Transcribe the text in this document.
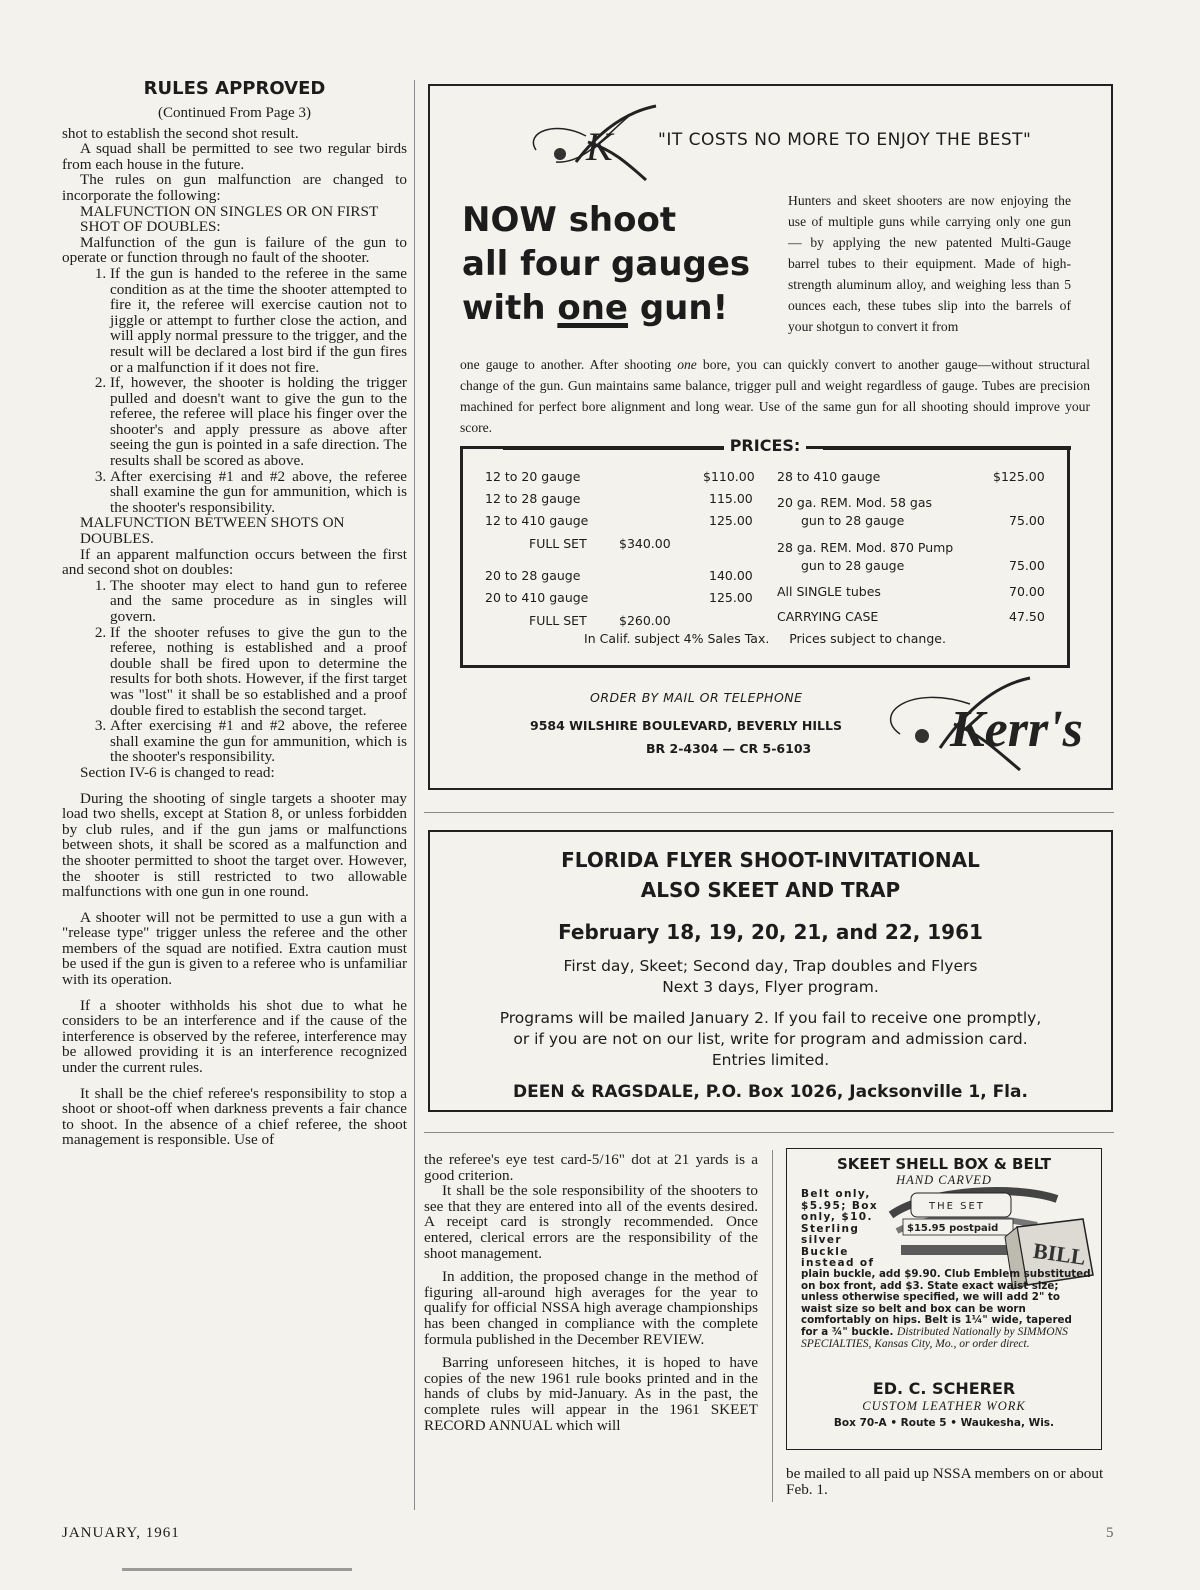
RULES APPROVED
(Continued From Page 3)

shot to establish the second shot result.

A squad shall be permitted to see two regular birds from each house in the future.

The rules on gun malfunction are changed to incorporate the following:

MALFUNCTION ON SINGLES OR ON FIRST SHOT OF DOUBLES:

Malfunction of the gun is failure of the gun to operate or function through no fault of the shooter.

1. If the gun is handed to the referee in the same condition as at the time the shooter attempted to fire it, the referee will exercise caution not to jiggle or attempt to further close the action, and will apply normal pressure to the trigger, and the result will be declared a lost bird if the gun fires or a malfunction if it does not fire.
2. If, however, the shooter is holding the trigger pulled and doesn't want to give the gun to the referee, the referee will place his finger over the shooter's and apply pressure as above after seeing the gun is pointed in a safe direction. The results shall be scored as above.
3. After exercising #1 and #2 above, the referee shall examine the gun for ammunition, which is the shooter's responsibility.

MALFUNCTION BETWEEN SHOTS ON DOUBLES.

If an apparent malfunction occurs between the first and second shot on doubles:

1. The shooter may elect to hand gun to referee and the same procedure as in singles will govern.
2. If the shooter refuses to give the gun to the referee, nothing is established and a proof double shall be fired upon to determine the results for both shots. However, if the first target was "lost" it shall be so established and a proof double fired to establish the second target.
3. After exercising #1 and #2 above, the referee shall examine the gun for ammunition, which is the shooter's responsibility.

Section IV-6 is changed to read:

During the shooting of single targets a shooter may load two shells, except at Station 8, or unless forbidden by club rules, and if the gun jams or malfunctions between shots, it shall be scored as a malfunction and the shooter permitted to shoot the target over. However, the shooter is still restricted to two allowable malfunctions with one gun in one round.

A shooter will not be permitted to use a gun with a "release type" trigger unless the referee and the other members of the squad are notified. Extra caution must be used if the gun is given to a referee who is unfamiliar with its operation.

If a shooter withholds his shot due to what he considers to be an interference and if the cause of the interference is observed by the referee, interference may be allowed providing it is an interference recognized under the current rules.

It shall be the chief referee's responsibility to stop a shoot or shoot-off when darkness prevents a fair chance to shoot. In the absence of a chief referee, the shoot management is responsible. Use of

K	"IT COSTS NO MORE TO ENJOY THE BEST"
NOW shoot
all four gauges
with one gun!
Hunters and skeet shooters are now enjoying the use of multiple guns while carrying only one gun — by applying the new patented Multi-Gauge barrel tubes to their equipment. Made of high-strength aluminum alloy, and weighing less than 5 ounces each, these tubes slip into the barrels of your shotgun to convert it from
one gauge to another. After shooting one bore, you can quickly convert to another gauge—without structural change of the gun. Gun maintains same balance, trigger pull and weight regardless of gauge. Tubes are precision machined for perfect bore alignment and long wear. Use of the same gun for all shooting should improve your score.
PRICES:
12 to 20 gauge	$110.00
12 to 28 gauge	115.00
12 to 410 gauge	125.00
FULL SET	$340.00
20 to 28 gauge	140.00
20 to 410 gauge	125.00
FULL SET	$260.00
28 to 410 gauge	$125.00
20 ga. REM. Mod. 58 gas
gun to 28 gauge	75.00
28 ga. REM. Mod. 870 Pump
gun to 28 gauge	75.00
All SINGLE tubes	70.00
CARRYING CASE	47.50
In Calif. subject 4% Sales Tax. Prices subject to change.
ORDER BY MAIL OR TELEPHONE
9584 WILSHIRE BOULEVARD, BEVERLY HILLS
BR 2-4304 — CR 5-6103	Kerr's
FLORIDA FLYER SHOOT-INVITATIONAL
ALSO SKEET AND TRAP
February 18, 19, 20, 21, and 22, 1961
First day, Skeet; Second day, Trap doubles and Flyers
Next 3 days, Flyer program.
Programs will be mailed January 2. If you fail to receive one promptly,
or if you are not on our list, write for program and admission card.
Entries limited.
DEEN & RAGSDALE, P.O. Box 1026, Jacksonville 1, Fla.

the referee's eye test card-5/16" dot at 21 yards is a good criterion.

It shall be the sole responsibility of the shooters to see that they are entered into all of the events desired. A receipt card is strongly recommended. Once entered, clerical errors are the responsibility of the shoot management.

In addition, the proposed change in the method of figuring all-around high averages for the year to qualify for official NSSA high average championships has been changed in compliance with the complete formula published in the December REVIEW.

Barring unforeseen hitches, it is hoped to have copies of the new 1961 rule books printed and in the hands of clubs by mid-January. As in the past, the complete rules will appear in the 1961 SKEET RECORD ANNUAL which will

SKEET SHELL BOX & BELT
HAND CARVED
Belt only, $5.95; Box only, $10. Sterling silver Buckle instead of
THE SET
$15.95 postpaid
BILL
plain buckle, add $9.90. Club Emblem substituted on box front, add $3. State exact waist size; unless otherwise specified, we will add 2" to waist size so belt and box can be worn comfortably on hips. Belt is 1¼" wide, tapered for a ¾" buckle. Distributed Nationally by SIMMONS SPECIALTIES, Kansas City, Mo., or order direct.
ED. C. SCHERER
CUSTOM LEATHER WORK
Box 70-A • Route 5 • Waukesha, Wis.
be mailed to all paid up NSSA members on or about Feb. 1.
JANUARY, 1961	5
